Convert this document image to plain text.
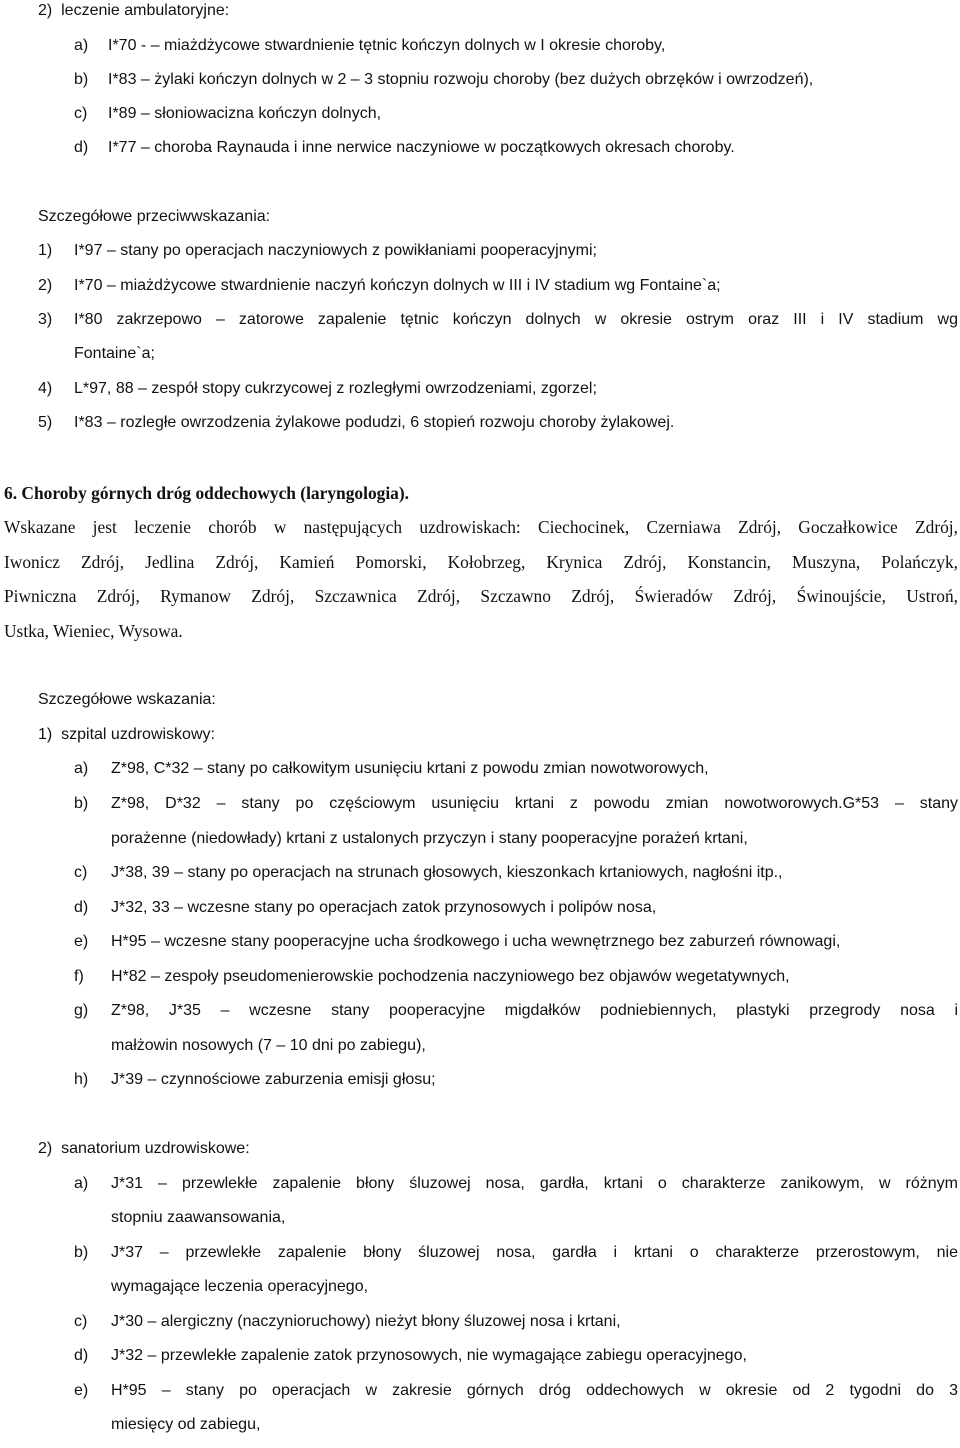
2)  leczenie ambulatoryjne:
a) I*70 - – miażdżycowe stwardnienie tętnic kończyn dolnych w I okresie choroby,
b) I*83 – żylaki kończyn dolnych w 2 – 3 stopniu rozwoju choroby (bez dużych obrzęków i owrzodzeń),
c) I*89 – słoniowacizna kończyn dolnych,
d) I*77 – choroba Raynauda i inne nerwice naczyniowe w początkowych okresach choroby.
Szczegółowe przeciwwskazania:
1) I*97 – stany po operacjach naczyniowych z powikłaniami pooperacyjnymi;
2) I*70 – miażdżycowe stwardnienie naczyń kończyn dolnych w III i IV stadium wg Fontaine`a;
3) I*80 zakrzepowo – zatorowe zapalenie tętnic kończyn dolnych w okresie ostrym oraz III i IV stadium wg
Fontaine`a;
4) L*97, 88 – zespół stopy cukrzycowej z rozległymi owrzodzeniami, zgorzel;
5) I*83 – rozległe owrzodzenia żylakowe podudzi, 6 stopień rozwoju choroby żylakowej.
6. Choroby górnych dróg oddechowych (laryngologia).
Wskazane jest leczenie chorób w następujących uzdrowiskach: Ciechocinek, Czerniawa Zdrój, Goczałkowice Zdrój,
Iwonicz Zdrój, Jedlina Zdrój, Kamień Pomorski, Kołobrzeg, Krynica Zdrój, Konstancin, Muszyna, Polańczyk,
Piwniczna Zdrój, Rymanow Zdrój, Szczawnica Zdrój, Szczawno Zdrój, Świeradów Zdrój, Świnoujście, Ustroń,
Ustka, Wieniec, Wysowa.
Szczegółowe wskazania:
1)  szpital uzdrowiskowy:
a) Z*98, C*32 – stany po całkowitym usunięciu krtani z powodu zmian nowotworowych,
b) Z*98, D*32 – stany po częściowym usunięciu krtani z powodu zmian nowotworowych.G*53 – stany
porażenne (niedowłady) krtani z ustalonych przyczyn i stany pooperacyjne porażeń krtani,
c) J*38, 39 – stany po operacjach na strunach głosowych, kieszonkach krtaniowych, nagłośni itp.,
d) J*32, 33 – wczesne stany po operacjach zatok przynosowych i polipów nosa,
e) H*95 – wczesne stany pooperacyjne ucha środkowego i ucha wewnętrznego bez zaburzeń równowagi,
f) H*82 – zespoły pseudomenierowskie pochodzenia naczyniowego bez objawów wegetatywnych,
g) Z*98, J*35 – wczesne stany pooperacyjne migdałków podniebiennych, plastyki przegrody nosa i
małżowin nosowych (7 – 10 dni po zabiegu),
h) J*39 – czynnościowe zaburzenia emisji głosu;
2)  sanatorium uzdrowiskowe:
a) J*31 – przewlekłe zapalenie błony śluzowej nosa, gardła, krtani o charakterze zanikowym, w różnym
stopniu zaawansowania,
b) J*37 – przewlekłe zapalenie błony śluzowej nosa, gardła i krtani o charakterze przerostowym, nie
wymagające leczenia operacyjnego,
c) J*30 – alergiczny (naczynioruchowy) nieżyt błony śluzowej nosa i krtani,
d) J*32 – przewlekłe zapalenie zatok przynosowych, nie wymagające zabiegu operacyjnego,
e) H*95 – stany po operacjach w zakresie górnych dróg oddechowych w okresie od 2 tygodni do 3
miesięcy od zabiegu,
